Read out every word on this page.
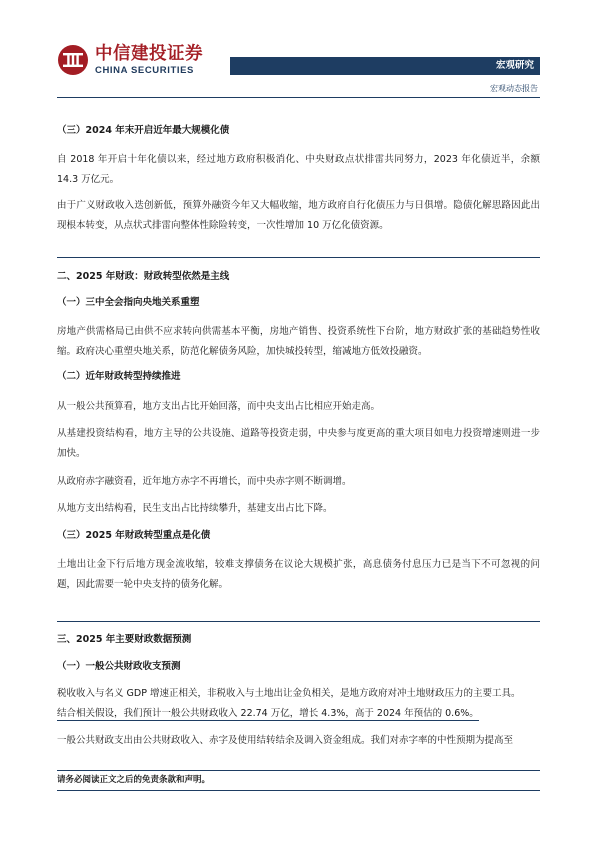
中信建投证券
CHINA SECURITIES	宏观研究
宏观动态报告
（三）2024 年末开启近年最大规模化债
自 2018 年开启十年化债以来，经过地方政府积极消化、中央财政点状排雷共同努力，2023 年化债近半，余额 14.3 万亿元。
由于广义财政收入迭创新低，预算外融资今年又大幅收缩，地方政府自行化债压力与日俱增。隐债化解思路因此出现根本转变，从点状式排雷向整体性除险转变，一次性增加 10 万亿化债资源。
二、2025 年财政：财政转型依然是主线
（一）三中全会指向央地关系重塑
房地产供需格局已由供不应求转向供需基本平衡，房地产销售、投资系统性下台阶，地方财政扩张的基础趋势性收缩。政府决心重塑央地关系，防范化解债务风险，加快城投转型，缩减地方低效投融资。
（二）近年财政转型持续推进
从一般公共预算看，地方支出占比开始回落，而中央支出占比相应开始走高。
从基建投资结构看，地方主导的公共设施、道路等投资走弱，中央参与度更高的重大项目如电力投资增速则进一步加快。
从政府赤字融资看，近年地方赤字不再增长，而中央赤字则不断调增。
从地方支出结构看，民生支出占比持续攀升，基建支出占比下降。
（三）2025 年财政转型重点是化债
土地出让金下行后地方现金流收缩，较难支撑债务在议论大规模扩张，高息债务付息压力已是当下不可忽视的问题，因此需要一轮中央支持的债务化解。
三、2025 年主要财政数据预测
（一）一般公共财政收支预测
税收收入与名义 GDP 增速正相关，非税收入与土地出让金负相关，是地方政府对冲土地财政压力的主要工具。
结合相关假设，我们预计一般公共财政收入 22.74 万亿，增长 4.3%，高于 2024 年预估的 0.6%。
一般公共财政支出由公共财政收入、赤字及使用结转结余及调入资金组成。我们对赤字率的中性预期为提高至
请务必阅读正文之后的免责条款和声明。
